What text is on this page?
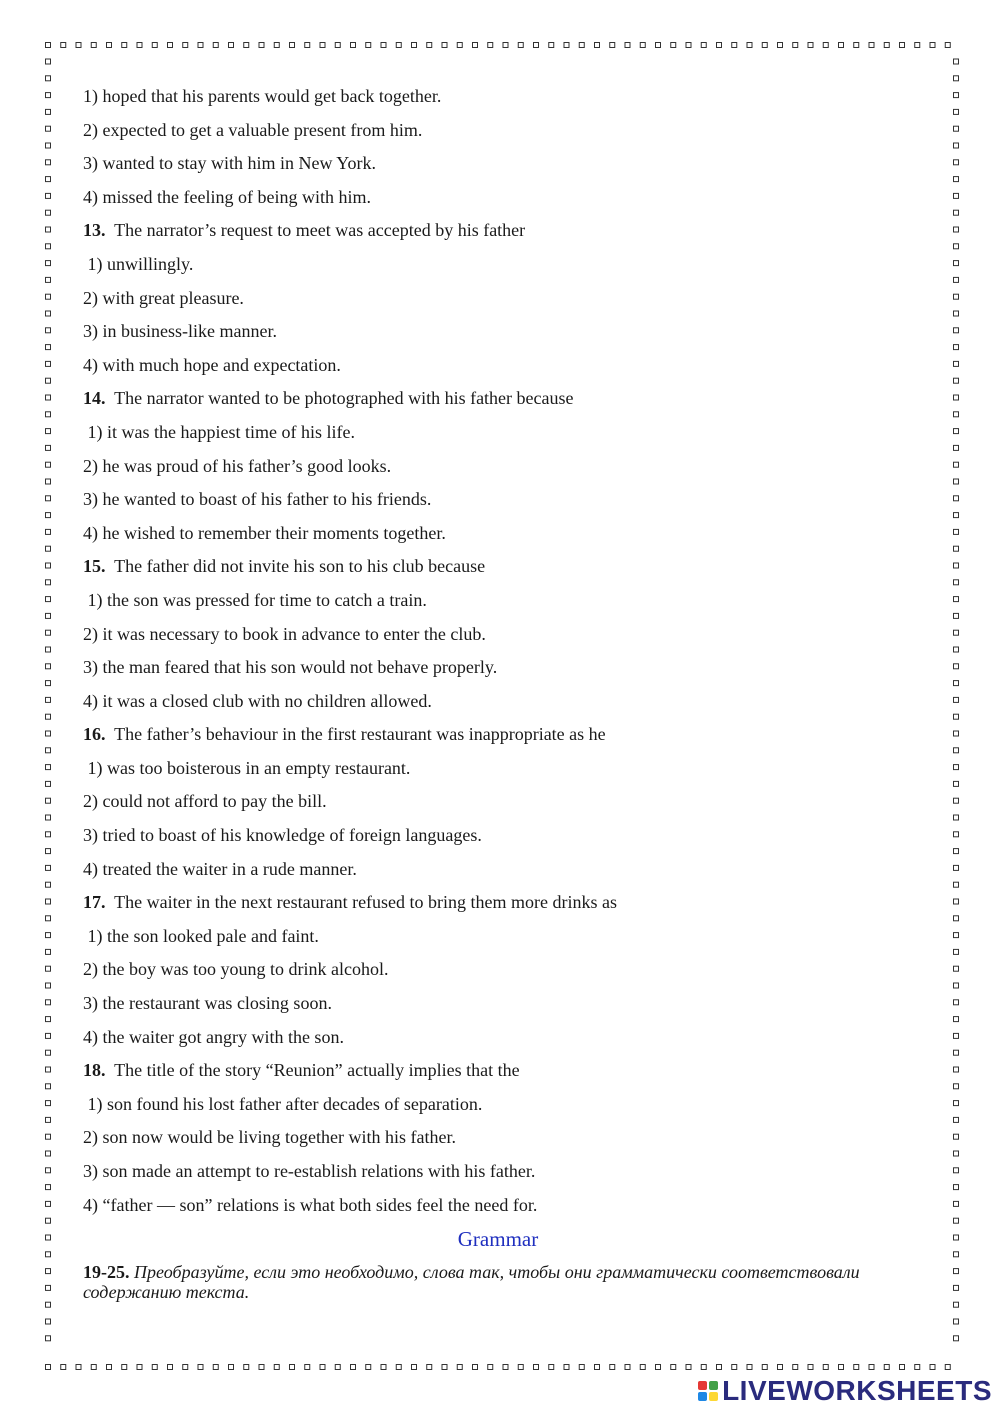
1) hoped that his parents would get back together.
2) expected to get a valuable present from him.
3) wanted to stay with him in New York.
4) missed the feeling of being with him.
13.  The narrator’s request to meet was accepted by his father
1) unwillingly.
2) with great pleasure.
3) in business-like manner.
4) with much hope and expectation.
14.  The narrator wanted to be photographed with his father because
1) it was the happiest time of his life.
2) he was proud of his father’s good looks.
3) he wanted to boast of his father to his friends.
4) he wished to remember their moments together.
15.  The father did not invite his son to his club because
1) the son was pressed for time to catch a train.
2) it was necessary to book in advance to enter the club.
3) the man feared that his son would not behave properly.
4) it was a closed club with no children allowed.
16.  The father’s behaviour in the first restaurant was inappropriate as he
1) was too boisterous in an empty restaurant.
2) could not afford to pay the bill.
3) tried to boast of his knowledge of foreign languages.
4) treated the waiter in a rude manner.
17.  The waiter in the next restaurant refused to bring them more drinks as
1) the son looked pale and faint.
2) the boy was too young to drink alcohol.
3) the restaurant was closing soon.
4) the waiter got angry with the son.
18.  The title of the story “Reunion” actually implies that the
1) son found his lost father after decades of separation.
2) son now would be living together with his father.
3) son made an attempt to re-establish relations with his father.
4) “father — son” relations is what both sides feel the need for.
Grammar
19-25. Преобразуйте, если это необходимо, слова так, чтобы они грамматически соответствовали содержанию текста.
LIVEWORKSHEETS
